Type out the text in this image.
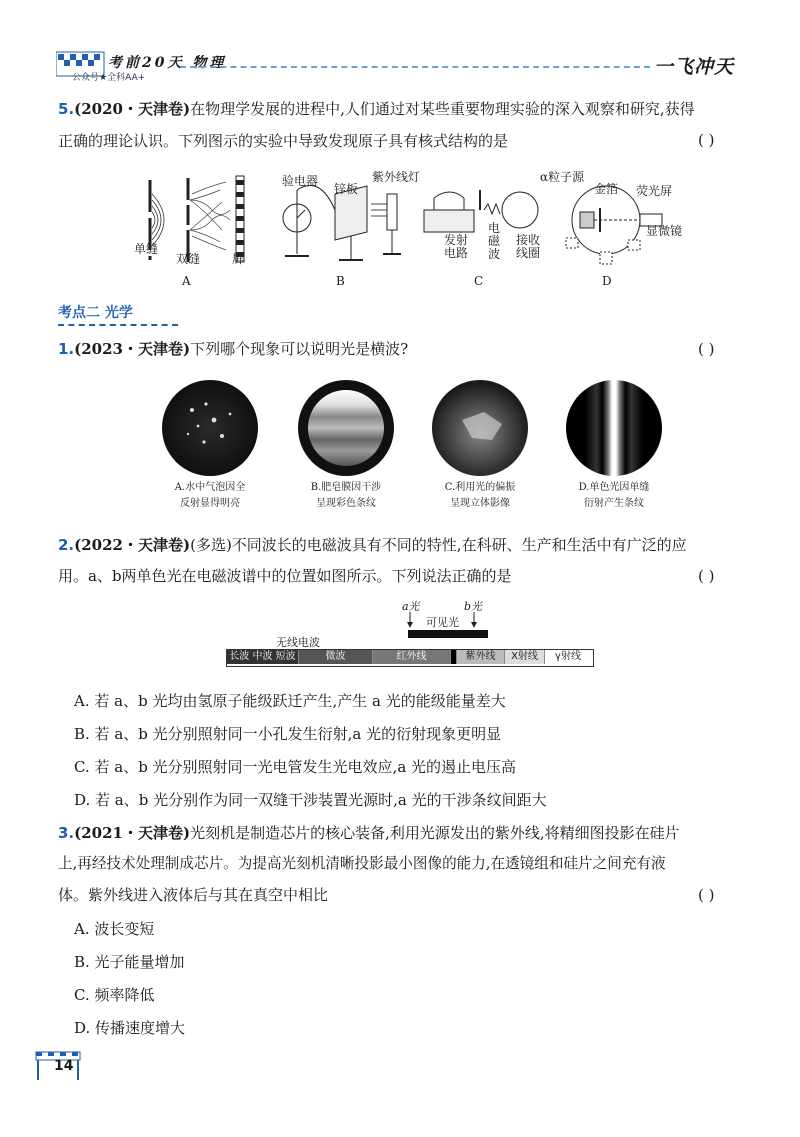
考前20天 物理
公众号★全科AA+	一飞冲天
5.(2020・天津卷)在物理学发展的进程中,人们通过对某些重要物理实验的深入观察和研究,获得
正确的理论认识。下列图示的实验中导致发现原子具有核式结构的是	( )
单缝
双缝	屏
A
验电器
锌板
紫外线灯
B
发射
电路
电
磁
波
接收
线圈
C
α粒子源
金箔 荧光屏
显微镜
D
考点二 光学
1.(2023・天津卷)下列哪个现象可以说明光是横波?	( )
A.水中气泡因全
反射显得明亮
B.肥皂膜因干涉
呈现彩色条纹
C.利用光的偏振
呈现立体影像
D.单色光因单缝
衍射产生条纹
2.(2022・天津卷)(多选)不同波长的电磁波具有不同的特性,在科研、生产和生活中有广泛的应
用。a、b两单色光在电磁波谱中的位置如图所示。下列说法正确的是	( )
a光	b光
可见光
无线电波
长波 中波 短波	微波	红外线	紫外线	X射线	γ射线
A. 若 a、b 光均由氢原子能级跃迁产生,产生 a 光的能级能量差大
B. 若 a、b 光分别照射同一小孔发生衍射,a 光的衍射现象更明显
C. 若 a、b 光分别照射同一光电管发生光电效应,a 光的遏止电压高
D. 若 a、b 光分别作为同一双缝干涉装置光源时,a 光的干涉条纹间距大
3.(2021・天津卷)光刻机是制造芯片的核心装备,利用光源发出的紫外线,将精细图投影在硅片
上,再经技术处理制成芯片。为提高光刻机清晰投影最小图像的能力,在透镜组和硅片之间充有液
体。紫外线进入液体后与其在真空中相比	( )
A. 波长变短
B. 光子能量增加
C. 频率降低
D. 传播速度增大
14
